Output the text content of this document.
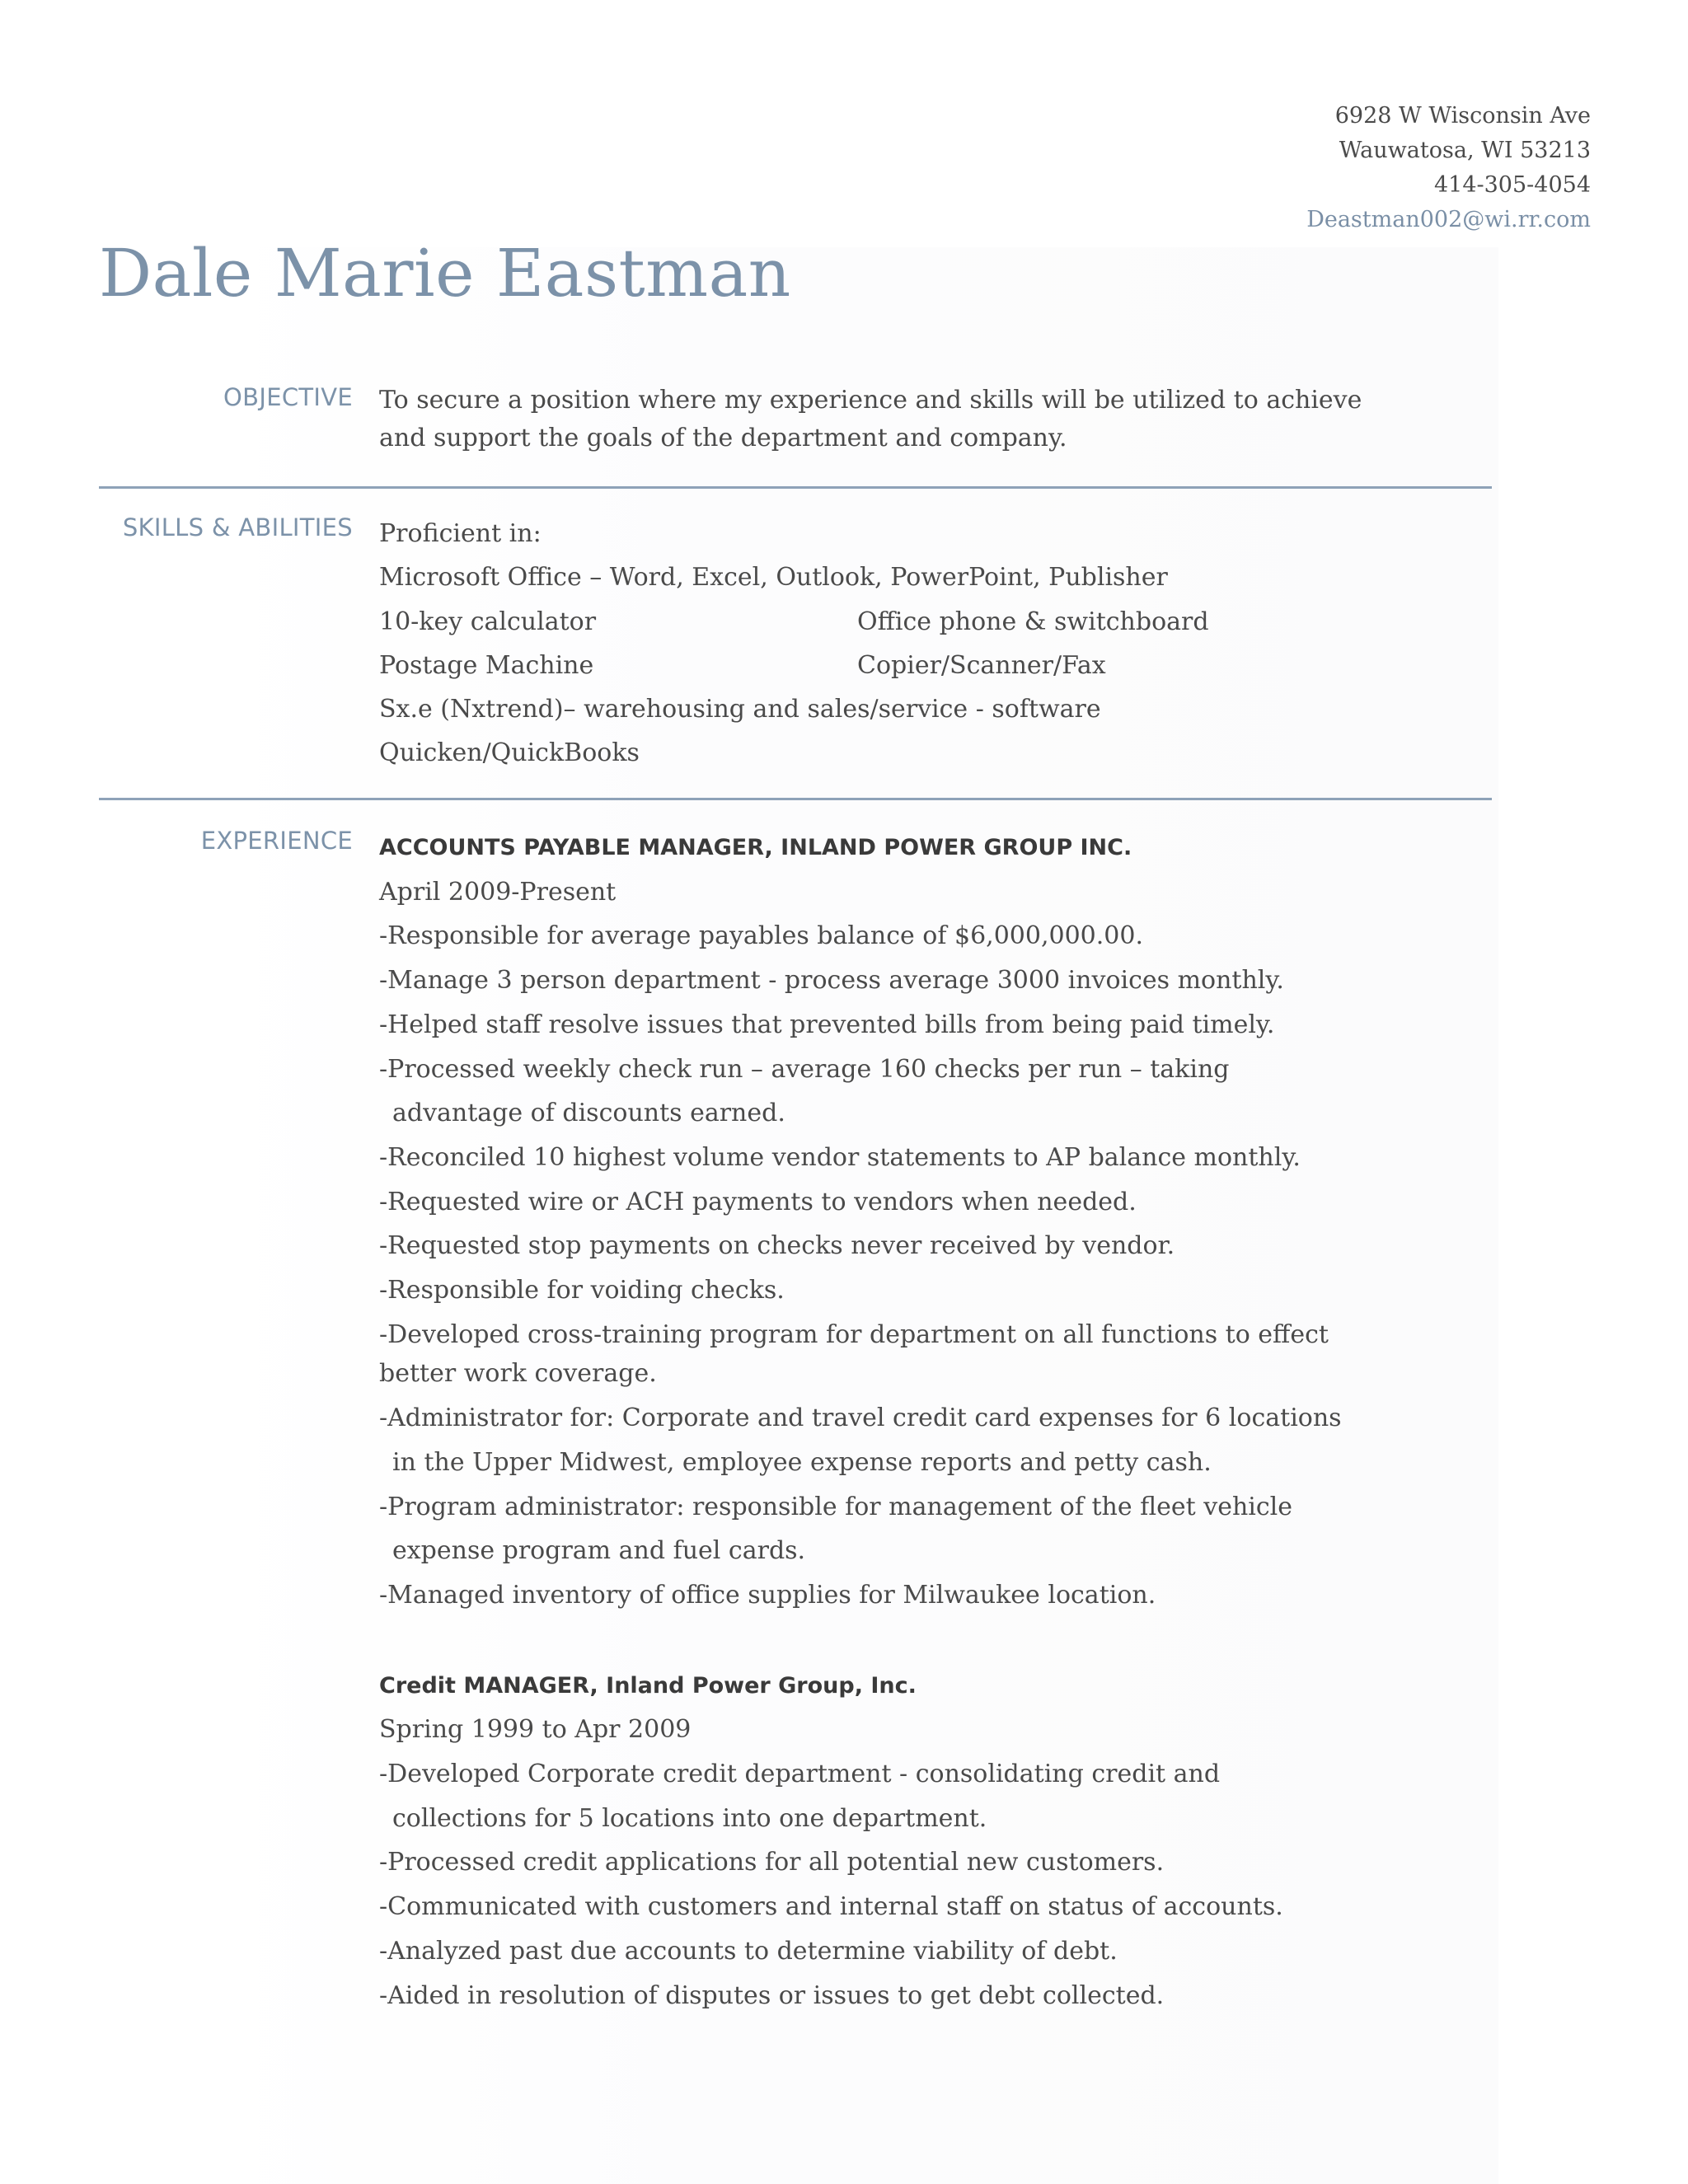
6928 W Wisconsin Ave
Wauwatosa, WI 53213
414-305-4054
Deastman002@wi.rr.com
Dale Marie Eastman
OBJECTIVE To secure a position where my experience and skills will be utilized to achieve
and support the goals of the department and company.
SKILLS & ABILITIES Proficient in:
Microsoft Office – Word, Excel, Outlook, PowerPoint, Publisher
10-key calculator	Office phone & switchboard
Postage Machine	Copier/Scanner/Fax
Sx.e (Nxtrend)– warehousing and sales/service - software
Quicken/QuickBooks
EXPERIENCE ACCOUNTS PAYABLE MANAGER, INLAND POWER GROUP INC.
April 2009-Present
-Responsible for average payables balance of $6,000,000.00.
-Manage 3 person department - process average 3000 invoices monthly.
-Helped staff resolve issues that prevented bills from being paid timely.
-Processed weekly check run – average 160 checks per run – taking
advantage of discounts earned.
-Reconciled 10 highest volume vendor statements to AP balance monthly.
-Requested wire or ACH payments to vendors when needed.
-Requested stop payments on checks never received by vendor.
-Responsible for voiding checks.
-Developed cross-training program for department on all functions to effect
better work coverage.
-Administrator for: Corporate and travel credit card expenses for 6 locations
in the Upper Midwest, employee expense reports and petty cash.
-Program administrator: responsible for management of the fleet vehicle
expense program and fuel cards.
-Managed inventory of office supplies for Milwaukee location.
Credit MANAGER, Inland Power Group, Inc.
Spring 1999 to Apr 2009
-Developed Corporate credit department - consolidating credit and
collections for 5 locations into one department.
-Processed credit applications for all potential new customers.
-Communicated with customers and internal staff on status of accounts.
-Analyzed past due accounts to determine viability of debt.
-Aided in resolution of disputes or issues to get debt collected.
